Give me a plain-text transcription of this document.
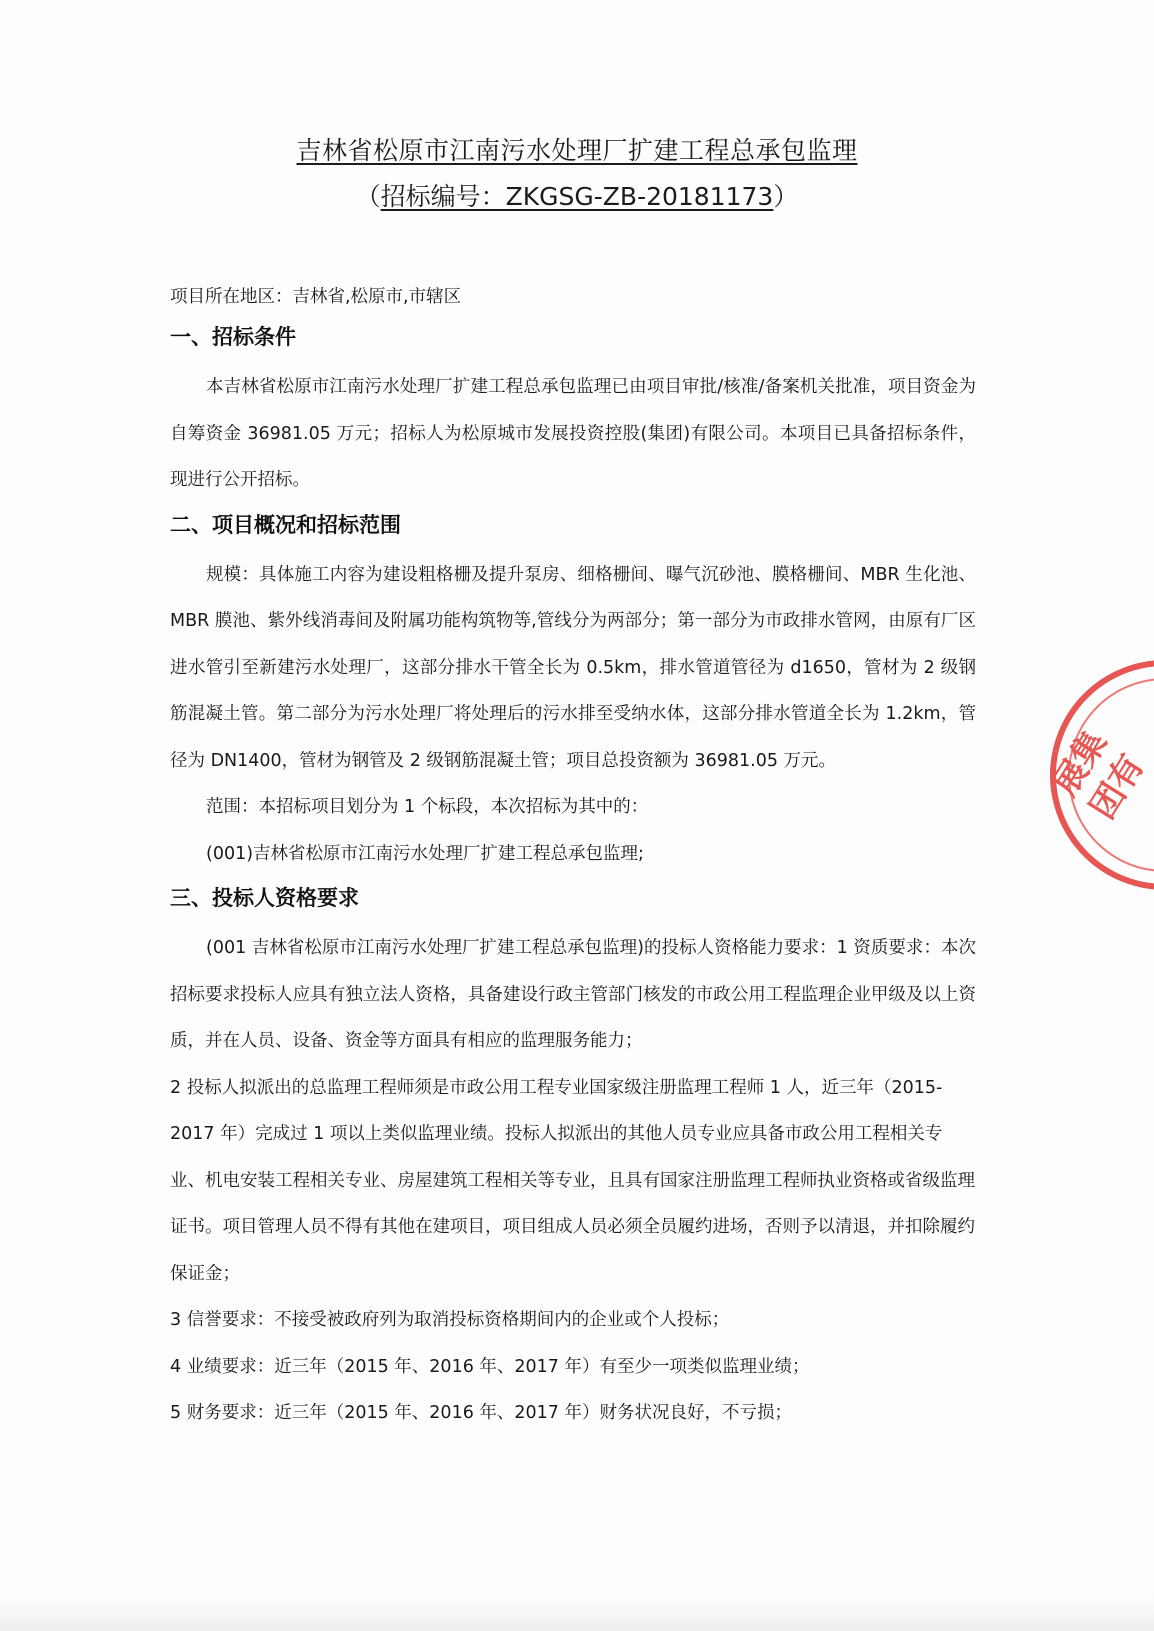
吉林省松原市江南污水处理厂扩建工程总承包监理
（招标编号：ZKGSG-ZB-20181173）

项目所在地区：吉林省,松原市,市辖区

一、招标条件

本吉林省松原市江南污水处理厂扩建工程总承包监理已由项目审批/核准/备案机关批准，项目资金为自筹资金 36981.05 万元；招标人为松原城市发展投资控股(集团)有限公司。本项目已具备招标条件，现进行公开招标。

二、项目概况和招标范围

规模：具体施工内容为建设粗格栅及提升泵房、细格栅间、曝气沉砂池、膜格栅间、MBR 生化池、MBR 膜池、紫外线消毒间及附属功能构筑物等,管线分为两部分；第一部分为市政排水管网，由原有厂区进水管引至新建污水处理厂，这部分排水干管全长为 0.5km，排水管道管径为 d1650，管材为 2 级钢筋混凝土管。第二部分为污水处理厂将处理后的污水排至受纳水体，这部分排水管道全长为 1.2km，管径为 DN1400，管材为钢管及 2 级钢筋混凝土管；项目总投资额为 36981.05 万元。

范围：本招标项目划分为 1 个标段，本次招标为其中的：

(001)吉林省松原市江南污水处理厂扩建工程总承包监理;

三、投标人资格要求

(001 吉林省松原市江南污水处理厂扩建工程总承包监理)的投标人资格能力要求：1 资质要求：本次招标要求投标人应具有独立法人资格，具备建设行政主管部门核发的市政公用工程监理企业甲级及以上资质，并在人员、设备、资金等方面具有相应的监理服务能力；

2 投标人拟派出的总监理工程师须是市政公用工程专业国家级注册监理工程师 1 人，近三年（2015-2017 年）完成过 1 项以上类似监理业绩。投标人拟派出的其他人员专业应具备市政公用工程相关专业、机电安装工程相关专业、房屋建筑工程相关等专业，且具有国家注册监理工程师执业资格或省级监理证书。项目管理人员不得有其他在建项目，项目组成人员必须全员履约进场，否则予以清退，并扣除履约保证金；

3 信誉要求：不接受被政府列为取消投标资格期间内的企业或个人投标；

4 业绩要求：近三年（2015 年、2016 年、2017 年）有至少一项类似监理业绩；

5 财务要求：近三年（2015 年、2016 年、2017 年）财务状况良好，不亏损；

展集团有
